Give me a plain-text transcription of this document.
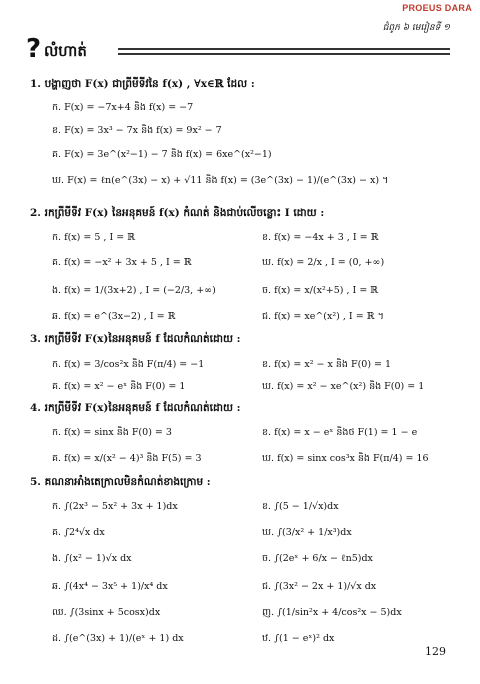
PROEUS DARA
ជំពូក ៦ មេរៀនទី ១
? លំហាត់
1. បង្ហាញថា F(x) ជាព្រីមីទីវនៃ f(x) , ∀x∈ℝ ដែល :
ក. F(x) = −7x+4 និង f(x) = −7
ខ. F(x) = 3x³ − 7x និង f(x) = 9x² − 7
គ. F(x) = 3e^(x²−1) − 7 និង f(x) = 6xe^(x²−1)
ឃ. F(x) = ℓn(e^(3x) − x) + √11 និង f(x) = (3e^(3x) − 1)/(e^(3x) − x) ។
2. រកព្រីមីទីវ F(x) នៃអនុគមន៍ f(x) កំណត់ និងជាប់លើចន្លោះ I ដោយ :
ក. f(x) = 5 , I = ℝ	ខ. f(x) = −4x + 3 , I = ℝ
គ. f(x) = −x² + 3x + 5 , I = ℝ	ឃ. f(x) = 2/x , I = (0, +∞)
ង. f(x) = 1/(3x+2) , I = (−2/3, +∞)	ច. f(x) = x/(x²+5) , I = ℝ
ឆ. f(x) = e^(3x−2) , I = ℝ	ជ. f(x) = xe^(x²) , I = ℝ ។
3. រកព្រីមីទីវ F(x)នៃអនុគមន៍ f ដែលកំណត់ដោយ :
ក. f(x) = 3/cos²x និង F(π/4) = −1	ខ. f(x) = x² − x និង F(0) = 1
គ. f(x) = x² − eˣ និង F(0) = 1	ឃ. f(x) = x² − xe^(x²) និង F(0) = 1
4. រកព្រីមីទីវ F(x)នៃអនុគមន៍ f ដែលកំណត់ដោយ :
ក. f(x) = sinx និង F(0) = 3	ខ. f(x) = x − eˣ និងថ F(1) = 1 − e
គ. f(x) = x/(x² − 4)³ និង F(5) = 3	ឃ. f(x) = sinx cos³x និង F(π/4) = 16
5. គណនាអាំងតេក្រាលមិនកំណត់ខាងក្រោម :
ក. ∫(2x³ − 5x² + 3x + 1)dx	ខ. ∫(5 − 1/√x)dx
គ. ∫2⁴√x dx	ឃ. ∫(3/x² + 1/x³)dx
ង. ∫(x² − 1)√x dx	ច. ∫(2eˣ + 6/x − ℓn5)dx
ឆ. ∫(4x⁴ − 3x⁵ + 1)/x⁴ dx	ជ. ∫(3x² − 2x + 1)/√x dx
ឈ. ∫(3sinx + 5cosx)dx	ញ. ∫(1/sin²x + 4/cos²x − 5)dx
ដ. ∫(e^(3x) + 1)/(eˣ + 1) dx	ឋ. ∫(1 − eˣ)² dx
129
